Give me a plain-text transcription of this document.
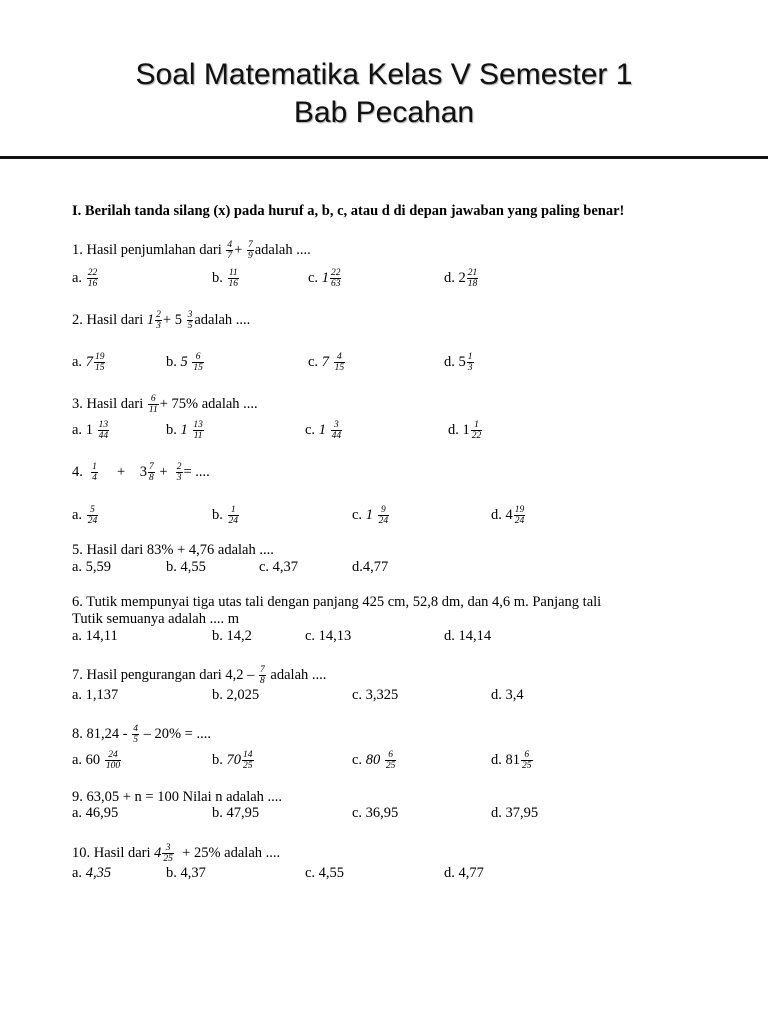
Soal Matematika Kelas V Semester 1
Bab Pecahan
I. Berilah tanda silang (x) pada huruf a, b, c, atau d di depan jawaban yang paling benar!
1. Hasil penjumlahan dari $\frac{4}{7} + \frac{7}{9}$ adalah ....
a. $\frac{22}{16}$	b. $\frac{11}{16}$	c. $1 \frac{22}{63}$	d. $2 \frac{21}{18}$
2. Hasil dari $1 \frac{2}{3} + 5 \frac{3}{5}$ adalah ....
a. $7 \frac{19}{15}$	b. $5 \frac{6}{15}$	c. $7 \frac{4}{15}$	d. $5 \frac{1}{3}$
3. Hasil dari $\frac{6}{11} + 75\%$ adalah ....
a. $1 \frac{13}{44}$	b. $1 \frac{13}{11}$	c. $1 \frac{3}{44}$	d. $1 \frac{1}{22}$
4. $\frac{1}{4} + 3 \frac{7}{8} + \frac{2}{3}$ = ....
a. $\frac{5}{24}$	b. $\frac{1}{24}$	c. $1 \frac{9}{24}$	d. $4 \frac{19}{24}$
5. Hasil dari 83% + 4,76 adalah ....
a. 5,59	b. 4,55	c. 4,37	d.4,77
6. Tutik mempunyai tiga utas tali dengan panjang 425 cm, 52,8 dm, dan 4,6 m. Panjang tali
Tutik semuanya adalah .... m
a. 14,11	b. 14,2	c. 14,13	d. 14,14
7. Hasil pengurangan dari $4,2 - \frac{7}{8}$ adalah ....
a. 1,137	b. 2,025	c. 3,325	d. 3,4
8. $81,24 - \frac{4}{5} - 20\%$ = ....
a. $60 \frac{24}{100}$	b. $70 \frac{14}{25}$	c. $80 \frac{6}{25}$	d. $81 \frac{6}{25}$
9. 63,05 + n = 100 Nilai n adalah ....
a. 46,95	b. 47,95	c. 36,95	d. 37,95
10. Hasil dari $4 \frac{3}{25} + 25\%$ adalah ....
a. 4,35	b. 4,37	c. 4,55	d. 4,77
